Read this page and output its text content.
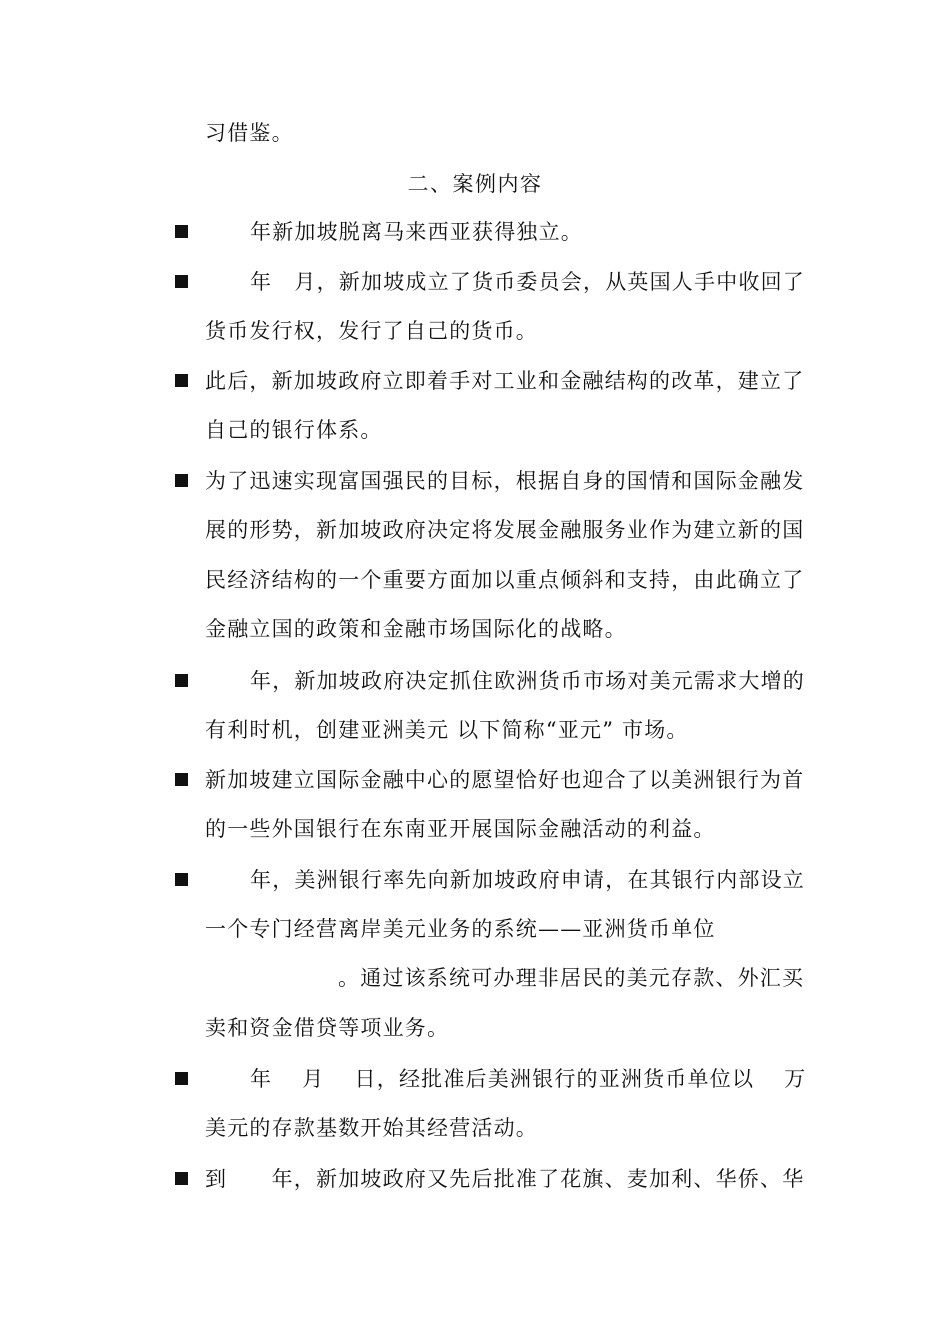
习借鉴。
二、案例内容
年新加坡脱离马来西亚获得独立。
年　月，新加坡成立了货币委员会，从英国人手中收回了
货币发行权，发行了自己的货币。
此后，新加坡政府立即着手对工业和金融结构的改革，建立了
自己的银行体系。
为了迅速实现富国强民的目标，根据自身的国情和国际金融发
展的形势，新加坡政府决定将发展金融服务业作为建立新的国
民经济结构的一个重要方面加以重点倾斜和支持，由此确立了
金融立国的政策和金融市场国际化的战略。
年，新加坡政府决定抓住欧洲货币市场对美元需求大增的
有利时机，创建亚洲美元 以下简称“亚元” 市场。
新加坡建立国际金融中心的愿望恰好也迎合了以美洲银行为首
的一些外国银行在东南亚开展国际金融活动的利益。
年，美洲银行率先向新加坡政府申请，在其银行内部设立
一个专门经营离岸美元业务的系统——亚洲货币单位
。通过该系统可办理非居民的美元存款、外汇买
卖和资金借贷等项业务。
年　 月　 日，经批准后美洲银行的亚洲货币单位以　 万
美元的存款基数开始其经营活动。
到　　年，新加坡政府又先后批准了花旗、麦加利、华侨、华
